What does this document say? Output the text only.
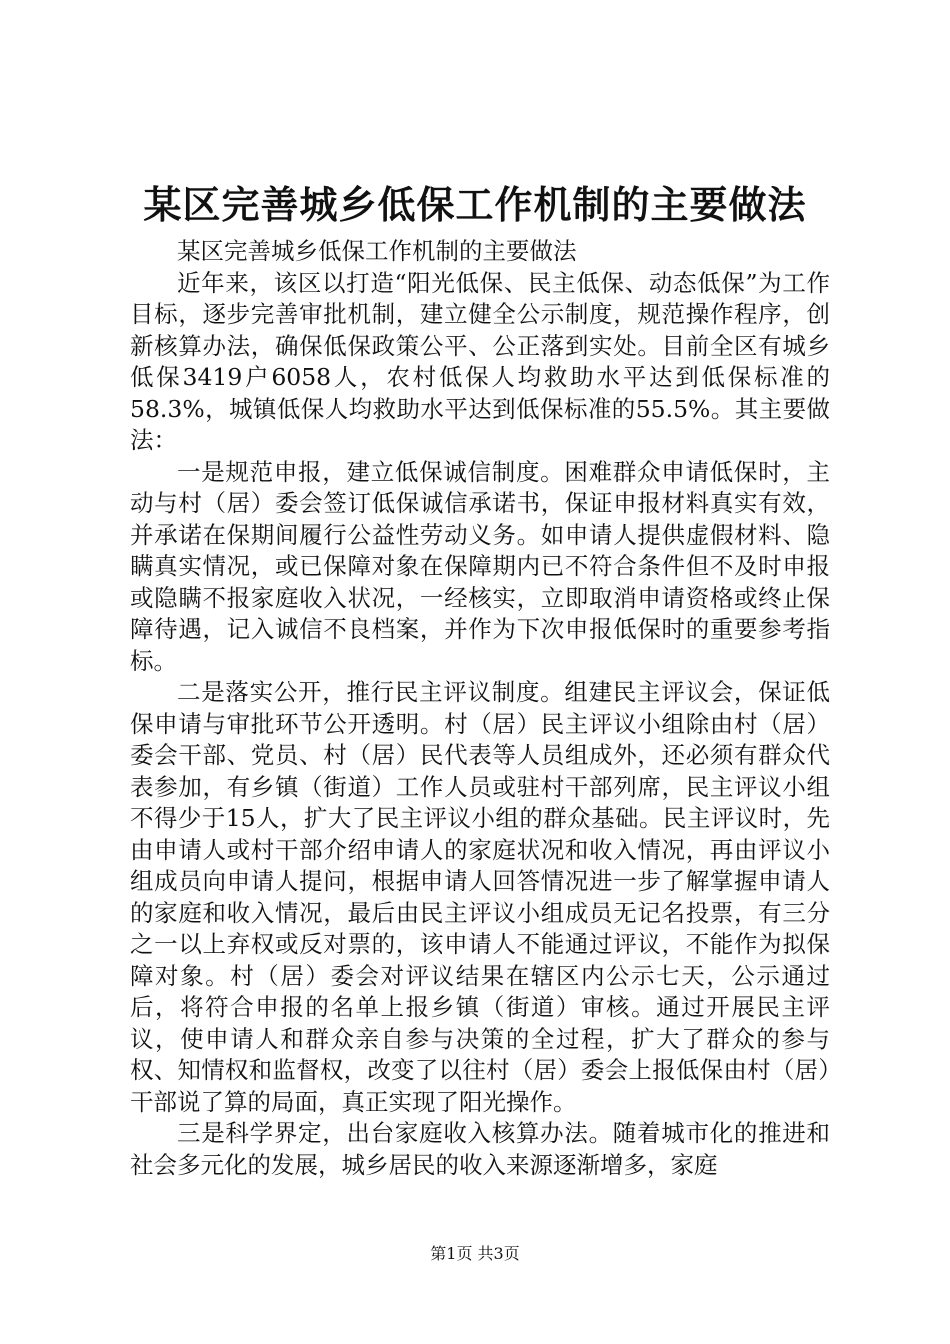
某区完善城乡低保工作机制的主要做法

某区完善城乡低保工作机制的主要做法

近年来，该区以打造“阳光低保、民主低保、动态低保”为工作目标，逐步完善审批机制，建立健全公示制度，规范操作程序，创新核算办法，确保低保政策公平、公正落到实处。目前全区有城乡低保3419户6058人，农村低保人均救助水平达到低保标准的58.3%，城镇低保人均救助水平达到低保标准的55.5%。其主要做法：

一是规范申报，建立低保诚信制度。困难群众申请低保时，主动与村（居）委会签订低保诚信承诺书，保证申报材料真实有效，并承诺在保期间履行公益性劳动义务。如申请人提供虚假材料、隐瞒真实情况，或已保障对象在保障期内已不符合条件但不及时申报或隐瞒不报家庭收入状况，一经核实，立即取消申请资格或终止保障待遇，记入诚信不良档案，并作为下次申报低保时的重要参考指标。

二是落实公开，推行民主评议制度。组建民主评议会，保证低保申请与审批环节公开透明。村（居）民主评议小组除由村（居）委会干部、党员、村（居）民代表等人员组成外，还必须有群众代表参加，有乡镇（街道）工作人员或驻村干部列席，民主评议小组不得少于15人，扩大了民主评议小组的群众基础。民主评议时，先由申请人或村干部介绍申请人的家庭状况和收入情况，再由评议小组成员向申请人提问，根据申请人回答情况进一步了解掌握申请人的家庭和收入情况，最后由民主评议小组成员无记名投票，有三分之一以上弃权或反对票的，该申请人不能通过评议，不能作为拟保障对象。村（居）委会对评议结果在辖区内公示七天，公示通过后，将符合申报的名单上报乡镇（街道）审核。通过开展民主评议，使申请人和群众亲自参与决策的全过程，扩大了群众的参与权、知情权和监督权，改变了以往村（居）委会上报低保由村（居）干部说了算的局面，真正实现了阳光操作。

三是科学界定，出台家庭收入核算办法。随着城市化的推进和社会多元化的发展，城乡居民的收入来源逐渐增多，家庭

第1页 共3页
